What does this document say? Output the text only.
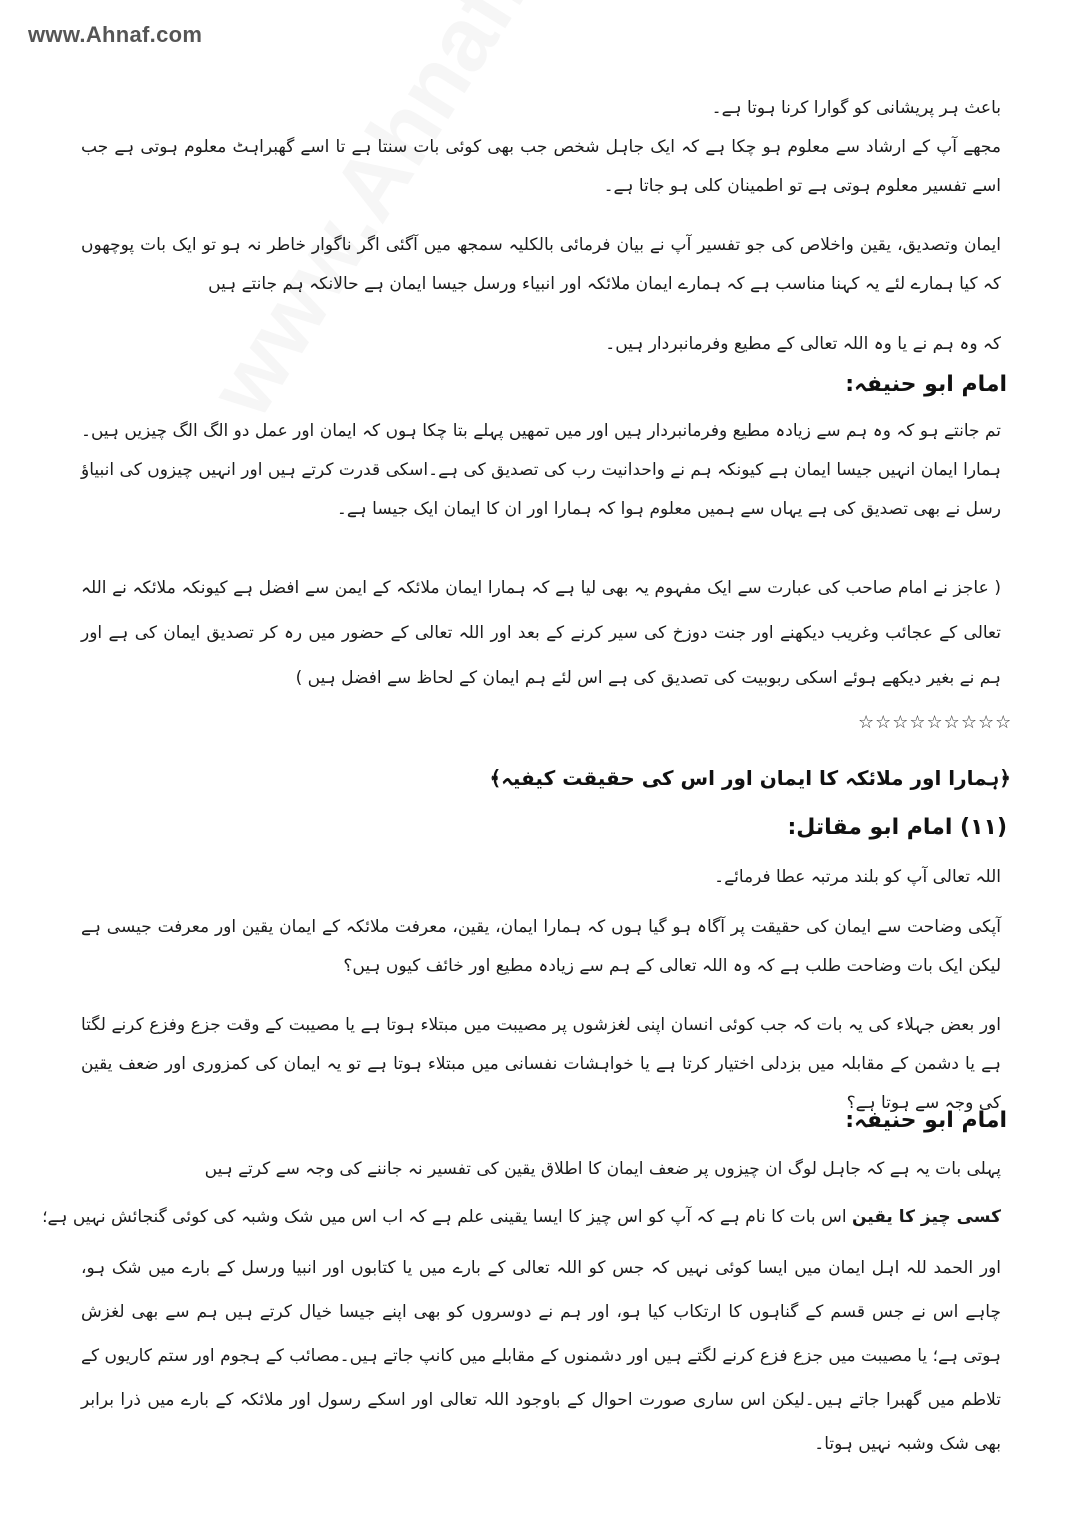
www.Ahnaf.com
باعث ہر پریشانی کو گوارا کرنا ہوتا ہے۔
مجھے آپ کے ارشاد سے معلوم ہو چکا ہے کہ ایک جاہل شخص جب بھی کوئی بات سنتا ہے تا اسے گھبراہٹ معلوم ہوتی ہے جب اسے تفسیر معلوم ہوتی ہے تو اطمینان کلی ہو جاتا ہے۔
ایمان وتصدیق، یقین واخلاص کی جو تفسیر آپ نے بیان فرمائی بالکلیہ سمجھ میں آگئی اگر ناگوار خاطر نہ ہو تو ایک بات پوچھوں کہ کیا ہمارے لئے یہ کہنا مناسب ہے کہ ہمارے ایمان ملائکہ اور انبیاء ورسل جیسا ایمان ہے حالانکہ ہم جانتے ہیں
کہ وہ ہم نے یا وہ اللہ تعالی کے مطیع وفرمانبردار ہیں۔
امام ابو حنیفہ:
تم جانتے ہو کہ وہ ہم سے زیادہ مطیع وفرمانبردار ہیں اور میں تمھیں پہلے بتا چکا ہوں کہ ایمان اور عمل دو الگ الگ چیزیں ہیں۔ ہمارا ایمان انہیں جیسا ایمان ہے کیونکہ ہم نے واحدانیت رب کی تصدیق کی ہے۔اسکی قدرت کرتے ہیں اور انہیں چیزوں کی انبیاؤ رسل نے بھی تصدیق کی ہے یہاں سے ہمیں معلوم ہوا کہ ہمارا اور ان کا ایمان ایک جیسا ہے۔
( عاجز نے امام صاحب کی عبارت سے ایک مفہوم یہ بھی لیا ہے کہ ہمارا ایمان ملائکہ کے ایمن سے افضل ہے کیونکہ ملائکہ نے اللہ تعالی کے عجائب وغریب دیکھنے اور جنت دوزخ کی سیر کرنے کے بعد اور اللہ تعالی کے حضور میں رہ کر تصدیق ایمان کی ہے اور ہم نے بغیر دیکھے ہوئے اسکی ربوبیت کی تصدیق کی ہے اس لئے ہم ایمان کے لحاظ سے افضل ہیں )
☆☆☆☆☆☆☆☆☆
﴿ہمارا اور ملائکہ کا ایمان اور اس کی حقیقت کیفیہ﴾
(۱۱) امام ابو مقاتل:
اللہ تعالی آپ کو بلند مرتبہ عطا فرمائے۔
آپکی وضاحت سے ایمان کی حقیقت پر آگاہ ہو گیا ہوں کہ ہمارا ایمان، یقین، معرفت ملائکہ کے ایمان یقین اور معرفت جیسی ہے لیکن ایک بات وضاحت طلب ہے کہ وہ اللہ تعالی کے ہم سے زیادہ مطیع اور خائف کیوں ہیں؟
اور بعض جہلاء کی یہ بات کہ جب کوئی انسان اپنی لغزشوں پر مصیبت میں مبتلاء ہوتا ہے یا مصیبت کے وقت جزع وفزع کرنے لگتا ہے یا دشمن کے مقابلہ میں بزدلی اختیار کرتا ہے یا خواہشات نفسانی میں مبتلاء ہوتا ہے تو یہ ایمان کی کمزوری اور ضعف یقین کی وجہ سے ہوتا ہے؟
امام ابو حنیفہ:
پہلی بات یہ ہے کہ جاہل لوگ ان چیزوں پر ضعف ایمان کا اطلاق یقین کی تفسیر نہ جاننے کی وجہ سے کرتے ہیں
کسی چیز کا یقین اس بات کا نام ہے کہ آپ کو اس چیز کا ایسا یقینی علم ہے کہ اب اس میں شک وشبہ کی کوئی گنجائش نہیں ہے؛
اور الحمد للہ اہل ایمان میں ایسا کوئی نہیں کہ جس کو اللہ تعالی کے بارے میں یا کتابوں اور انبیا ورسل کے بارے میں شک ہو، چاہے اس نے جس قسم کے گناہوں کا ارتکاب کیا ہو، اور ہم نے دوسروں کو بھی اپنے جیسا خیال کرتے ہیں ہم سے بھی لغزش ہوتی ہے؛ یا مصیبت میں جزع فزع کرنے لگتے ہیں اور دشمنوں کے مقابلے میں کانپ جاتے ہیں۔مصائب کے ہجوم اور ستم کاریوں کے تلاطم میں گھبرا جاتے ہیں۔لیکن اس ساری صورت احوال کے باوجود اللہ تعالی اور اسکے رسول اور ملائکہ کے بارے میں ذرا برابر بھی شک وشبہ نہیں ہوتا۔
